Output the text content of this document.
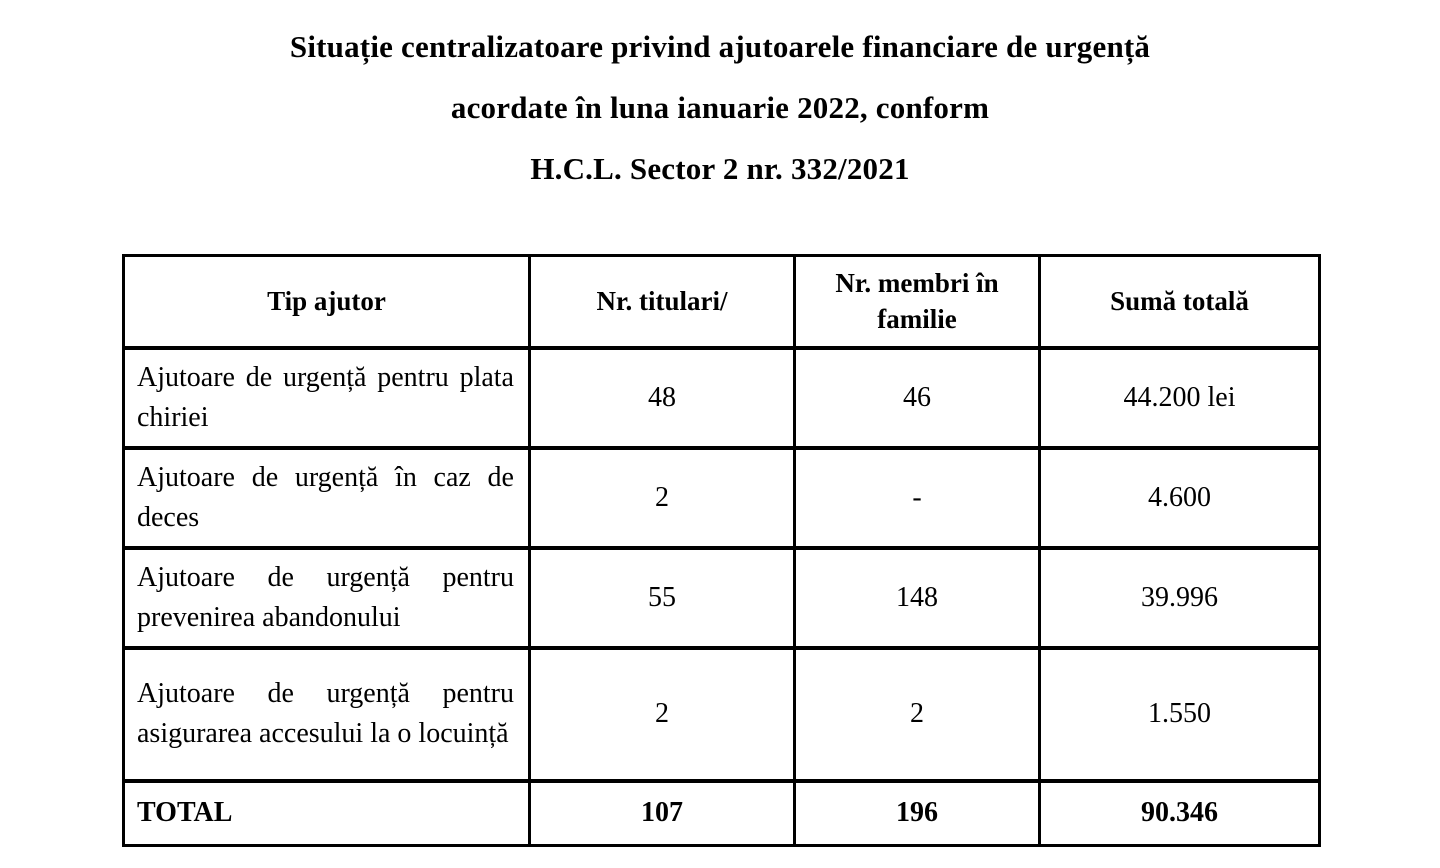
Situație centralizatoare privind ajutoarele financiare de urgență
acordate în luna ianuarie 2022, conform
H.C.L. Sector 2 nr. 332/2021
Tip ajutor	Nr. titulari/	Nr. membri în familie	Sumă totală
Ajutoare de urgență pentru plata chiriei	48	46	44.200 lei
Ajutoare de urgență în caz de deces	2	-	4.600
Ajutoare de urgență pentru prevenirea abandonului	55	148	39.996
Ajutoare de urgență pentru asigurarea accesului la o locuință	2	2	1.550
TOTAL	107	196	90.346
